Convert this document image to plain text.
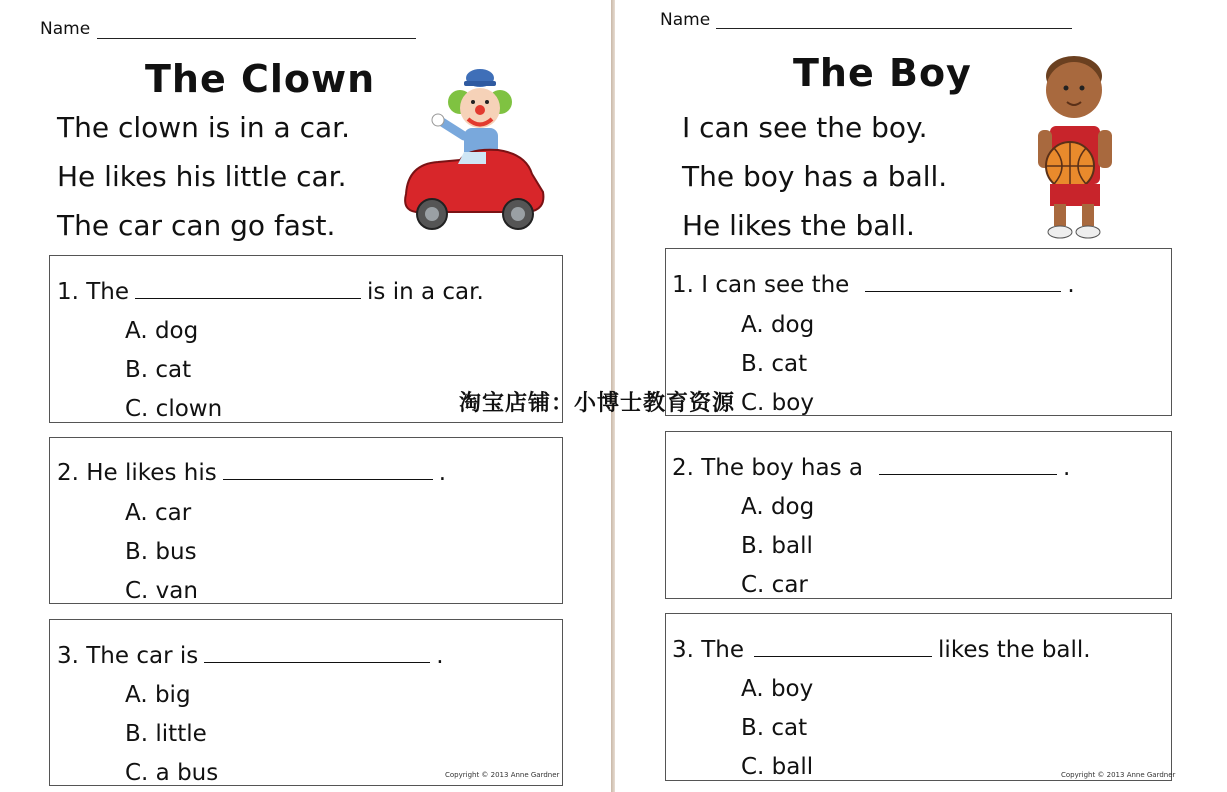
Name
The Clown
The clown is in a car.
He likes his little car.
The car can go fast.
1. The	is in a car.
A. dog
B. cat
C. clown
2. He likes his	.
A. car
B. bus
C. van
3. The car is	.
A. big
B. little
C. a bus	Copyright © 2013 Anne Gardner
Name
The Boy
I can see the boy.
The boy has a ball.
He likes the ball.
1. I can see the	.
A. dog
B. cat
C. boy
2. The boy has a	.
A. dog
B. ball
C. car
3. The	likes the ball.
A. boy
B. cat
C. ball	Copyright © 2013 Anne Gardner
淘宝店铺：小博士教育资源
